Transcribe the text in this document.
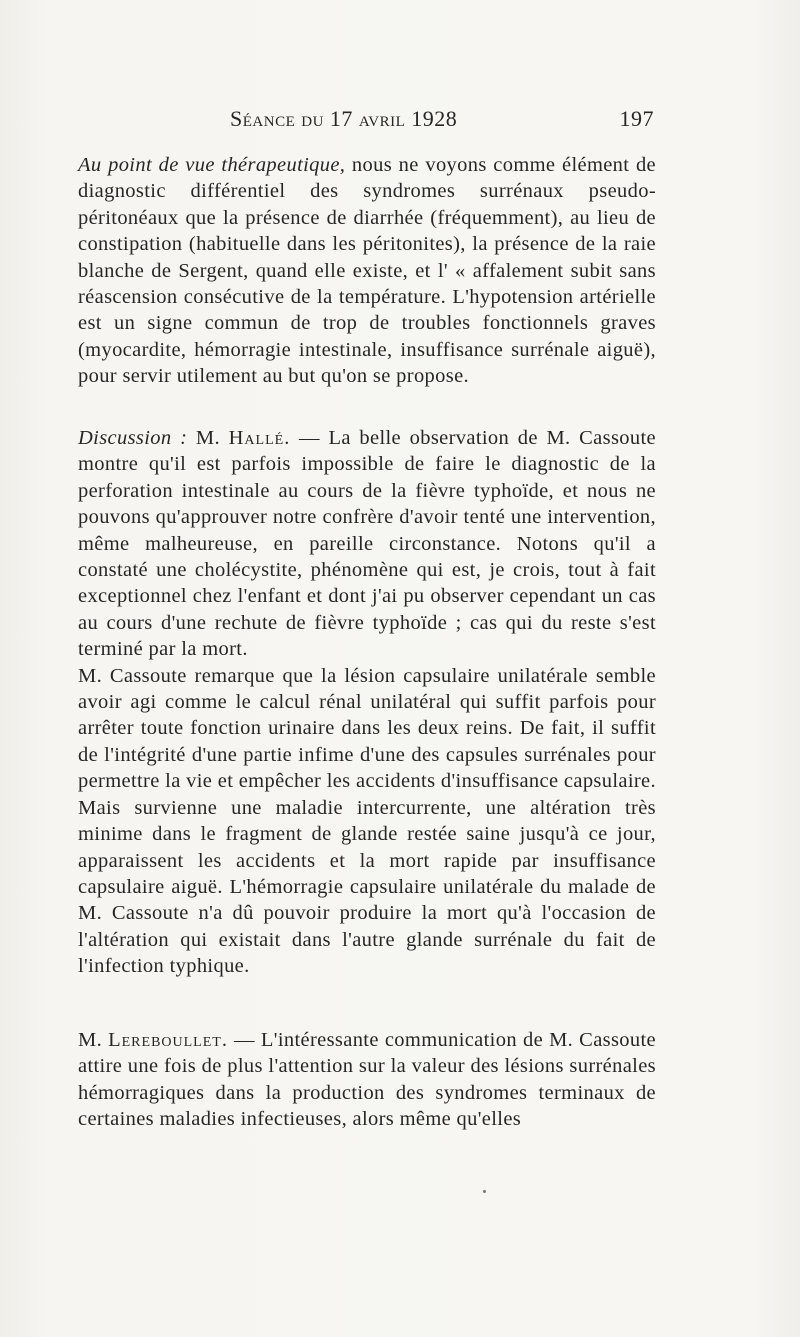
Séance du 17 avril 1928	197

Au point de vue thérapeutique, nous ne voyons comme élément de diagnostic différentiel des syndromes surrénaux pseudo-péritonéaux que la présence de diarrhée (fréquemment), au lieu de constipation (habituelle dans les péritonites), la présence de la raie blanche de Sergent, quand elle existe, et l' « affalement subit sans réascension consécutive de la température. L'hypotension artérielle est un signe commun de trop de troubles fonctionnels graves (myocardite, hémorragie intestinale, insuffisance surrénale aiguë), pour servir utilement au but qu'on se propose.

Discussion : M. Hallé. — La belle observation de M. Cassoute montre qu'il est parfois impossible de faire le diagnostic de la perforation intestinale au cours de la fièvre typhoïde, et nous ne pouvons qu'approuver notre confrère d'avoir tenté une intervention, même malheureuse, en pareille circonstance. Notons qu'il a constaté une cholécystite, phénomène qui est, je crois, tout à fait exceptionnel chez l'enfant et dont j'ai pu observer cependant un cas au cours d'une rechute de fièvre typhoïde ; cas qui du reste s'est terminé par la mort.

M. Cassoute remarque que la lésion capsulaire unilatérale semble avoir agi comme le calcul rénal unilatéral qui suffit parfois pour arrêter toute fonction urinaire dans les deux reins. De fait, il suffit de l'intégrité d'une partie infime d'une des capsules surrénales pour permettre la vie et empêcher les accidents d'insuffisance capsulaire. Mais survienne une maladie intercurrente, une altération très minime dans le fragment de glande restée saine jusqu'à ce jour, apparaissent les accidents et la mort rapide par insuffisance capsulaire aiguë. L'hémorragie capsulaire unilatérale du malade de M. Cassoute n'a dû pouvoir produire la mort qu'à l'occasion de l'altération qui existait dans l'autre glande surrénale du fait de l'infection typhique.

M. Lereboullet. — L'intéressante communication de M. Cassoute attire une fois de plus l'attention sur la valeur des lésions surrénales hémorragiques dans la production des syndromes terminaux de certaines maladies infectieuses, alors même qu'elles
